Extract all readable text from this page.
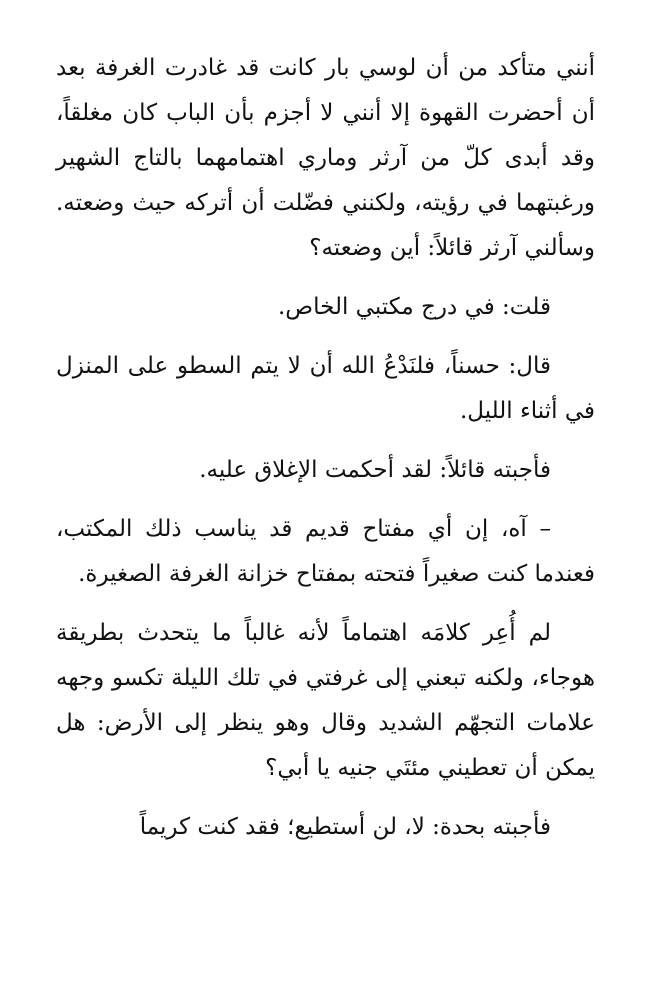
أنني متأكد من أن لوسي بار كانت قد غادرت الغرفة بعد أن أحضرت القهوة إلا أنني لا أجزم بأن الباب كان مغلقاً، وقد أبدى كلّ من آرثر وماري اهتمامهما بالتاج الشهير ورغبتهما في رؤيته، ولكنني فضّلت أن أتركه حيث وضعته. وسألني آرثر قائلاً: أين وضعته؟

قلت: في درج مكتبي الخاص.

قال: حسناً، فلنَدْعُ الله أن لا يتم السطو على المنزل في أثناء الليل.

فأجبته قائلاً: لقد أحكمت الإغلاق عليه.

– آه، إن أي مفتاح قديم قد يناسب ذلك المكتب، فعندما كنت صغيراً فتحته بمفتاح خزانة الغرفة الصغيرة.

لم أُعِر كلامَه اهتماماً لأنه غالباً ما يتحدث بطريقة هوجاء، ولكنه تبعني إلى غرفتي في تلك الليلة تكسو وجهه علامات التجهّم الشديد وقال وهو ينظر إلى الأرض: هل يمكن أن تعطيني مئتَي جنيه يا أبي؟

فأجبته بحدة: لا، لن أستطيع؛ فقد كنت كريماً
